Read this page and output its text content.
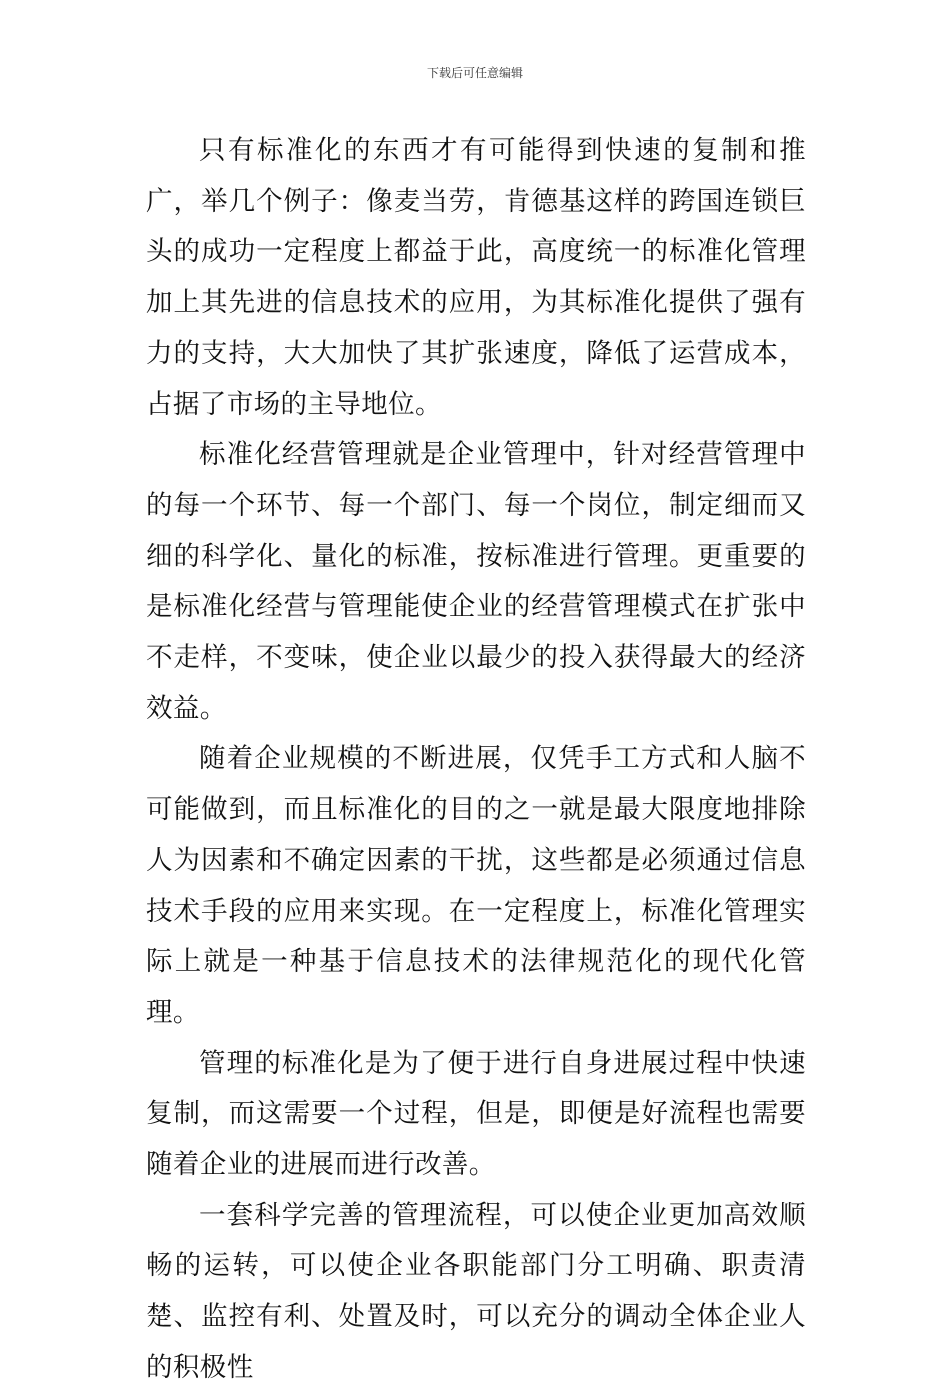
下载后可任意编辑

只有标准化的东西才有可能得到快速的复制和推广，举几个例子：像麦当劳，肯德基这样的跨国连锁巨头的成功一定程度上都益于此，高度统一的标准化管理加上其先进的信息技术的应用，为其标准化提供了强有力的支持，大大加快了其扩张速度，降低了运营成本，占据了市场的主导地位。

标准化经营管理就是企业管理中，针对经营管理中的每一个环节、每一个部门、每一个岗位，制定细而又细的科学化、量化的标准，按标准进行管理。更重要的是标准化经营与管理能使企业的经营管理模式在扩张中不走样，不变味，使企业以最少的投入获得最大的经济效益。

随着企业规模的不断进展，仅凭手工方式和人脑不可能做到，而且标准化的目的之一就是最大限度地排除人为因素和不确定因素的干扰，这些都是必须通过信息技术手段的应用来实现。在一定程度上，标准化管理实际上就是一种基于信息技术的法律规范化的现代化管理。

管理的标准化是为了便于进行自身进展过程中快速复制，而这需要一个过程，但是，即便是好流程也需要随着企业的进展而进行改善。

一套科学完善的管理流程，可以使企业更加高效顺畅的运转，可以使企业各职能部门分工明确、职责清楚、监控有利、处置及时，可以充分的调动全体企业人的积极性
